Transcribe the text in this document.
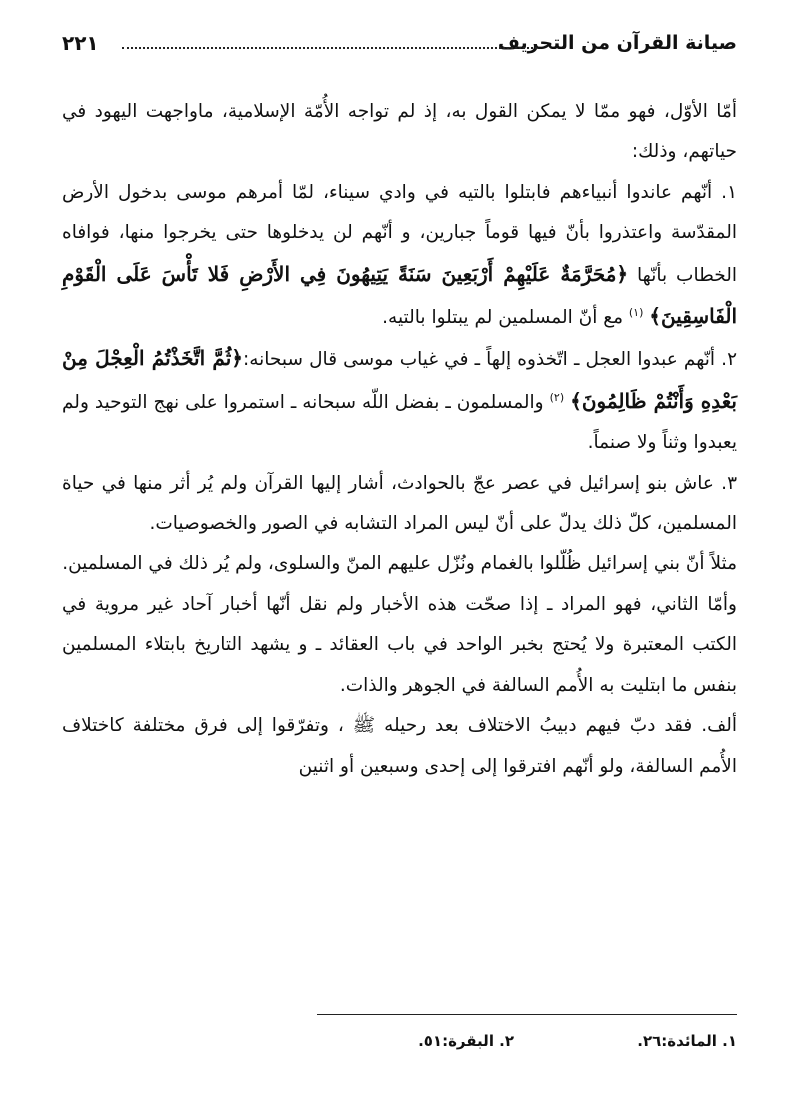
صيانة القرآن من التحريف
٢٢١

أمّا الأوّل، فهو ممّا لا يمكن القول به، إذ لم تواجه الأُمّة الإسلامية، ماواجهت اليهود في حياتهم، وذلك:

١. أنّهم عاندوا أنبياءهم فابتلوا بالتيه في وادي سيناء، لمّا أمرهم موسى بدخول الأرض المقدّسة واعتذروا بأنّ فيها قوماً جبارين، و أنّهم لن يدخلوها حتى يخرجوا منها، فوافاه الخطاب بأنّها ﴿مُحَرَّمَةٌ عَلَيْهِمْ أَرْبَعِينَ سَنَةً يَتِيهُونَ فِي الأَرْضِ فَلا تَأْسَ عَلَى الْقَوْمِ الْفَاسِقِينَ﴾ $^{(١)}$ مع أنّ المسلمين لم يبتلوا بالتيه.

٢. أنّهم عبدوا العجل ـ اتّخذوه إلهاً ـ في غياب موسى قال سبحانه:﴿ثُمَّ اتَّخَذْتُمُ الْعِجْلَ مِنْ بَعْدِهِ وَأَنْتُمْ ظَالِمُونَ﴾ $^{(٢)}$ والمسلمون ـ بفضل اللّه سبحانه ـ استمروا على نهج التوحيد ولم يعبدوا وثناً ولا صنماً.

٣. عاش بنو إسرائيل في عصر عجّ بالحوادث، أشار إليها القرآن ولم يُر أثر منها في حياة المسلمين، كلّ ذلك يدلّ على أنّ ليس المراد التشابه في الصور والخصوصيات.

مثلاً أنّ بني إسرائيل ظُلّلوا بالغمام ونُزّل عليهم المنّ والسلوى، ولم يُر ذلك في المسلمين.

وأمّا الثاني، فهو المراد ـ إذا صحّت هذه الأخبار ولم نقل أنّها أخبار آحاد غير مروية في الكتب المعتبرة ولا يُحتج بخبر الواحد في باب العقائد ـ و يشهد التاريخ بابتلاء المسلمين بنفس ما ابتليت به الأُمم السالفة في الجوهر والذات.

ألف. فقد دبّ فيهم دبيبُ الاختلاف بعد رحيله ﷺ ، وتفرّقوا إلى فرق مختلفة كاختلاف الأُمم السالفة، ولو أنّهم افترقوا إلى إحدى وسبعين أو اثنين

١. المائدة:٢٦. ٢. البقرة:٥١.
